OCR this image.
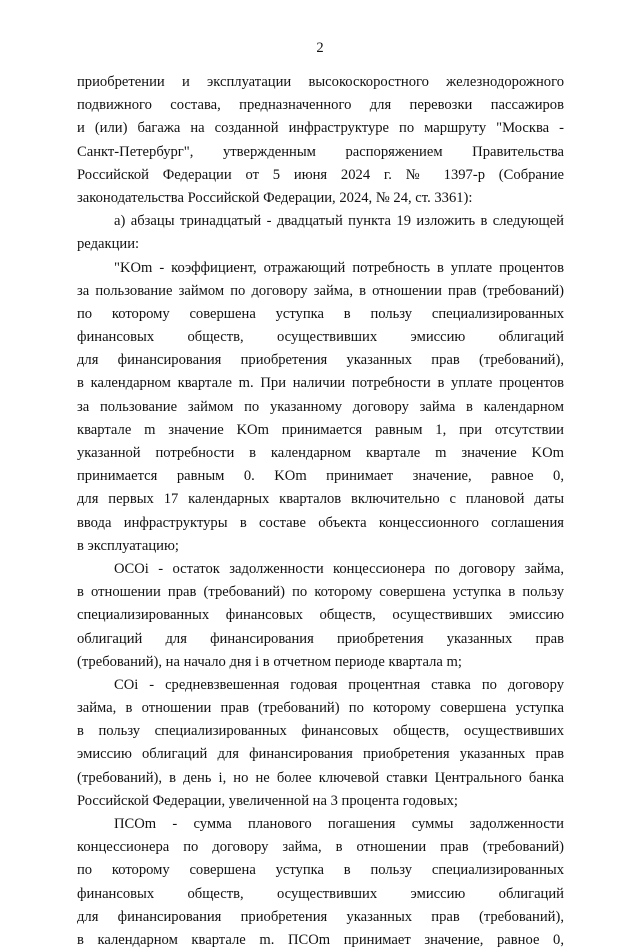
2
приобретении и эксплуатации высокоскоростного железнодорожного
подвижного состава, предназначенного для перевозки пассажиров
и (или) багажа на созданной инфраструктуре по маршруту "Москва -
Санкт-Петербург", утвержденным распоряжением Правительства
Российской Федерации от 5 июня 2024 г. № 1397-р (Собрание
законодательства Российской Федерации, 2024, № 24, ст. 3361):
а) абзацы тринадцатый - двадцатый пункта 19 изложить в следующей
редакции:
"KOm - коэффициент, отражающий потребность в уплате процентов
за пользование займом по договору займа, в отношении прав (требований)
по которому совершена уступка в пользу специализированных
финансовых обществ, осуществивших эмиссию облигаций
для финансирования приобретения указанных прав (требований),
в календарном квартале m. При наличии потребности в уплате процентов
за пользование займом по указанному договору займа в календарном
квартале m значение KOm принимается равным 1, при отсутствии
указанной потребности в календарном квартале m значение KOm
принимается равным 0. KOm принимает значение, равное 0,
для первых 17 календарных кварталов включительно с плановой даты
ввода инфраструктуры в составе объекта концессионного соглашения
в эксплуатацию;
OCOi - остаток задолженности концессионера по договору займа,
в отношении прав (требований) по которому совершена уступка в пользу
специализированных финансовых обществ, осуществивших эмиссию
облигаций для финансирования приобретения указанных прав
(требований), на начало дня i в отчетном периоде квартала m;
COi - средневзвешенная годовая процентная ставка по договору
займа, в отношении прав (требований) по которому совершена уступка
в пользу специализированных финансовых обществ, осуществивших
эмиссию облигаций для финансирования приобретения указанных прав
(требований), в день i, но не более ключевой ставки Центрального банка
Российской Федерации, увеличенной на 3 процента годовых;
ПCOm - сумма планового погашения суммы задолженности
концессионера по договору займа, в отношении прав (требований)
по которому совершена уступка в пользу специализированных
финансовых обществ, осуществивших эмиссию облигаций
для финансирования приобретения указанных прав (требований),
в календарном квартале m. ПCOm принимает значение, равное 0,
